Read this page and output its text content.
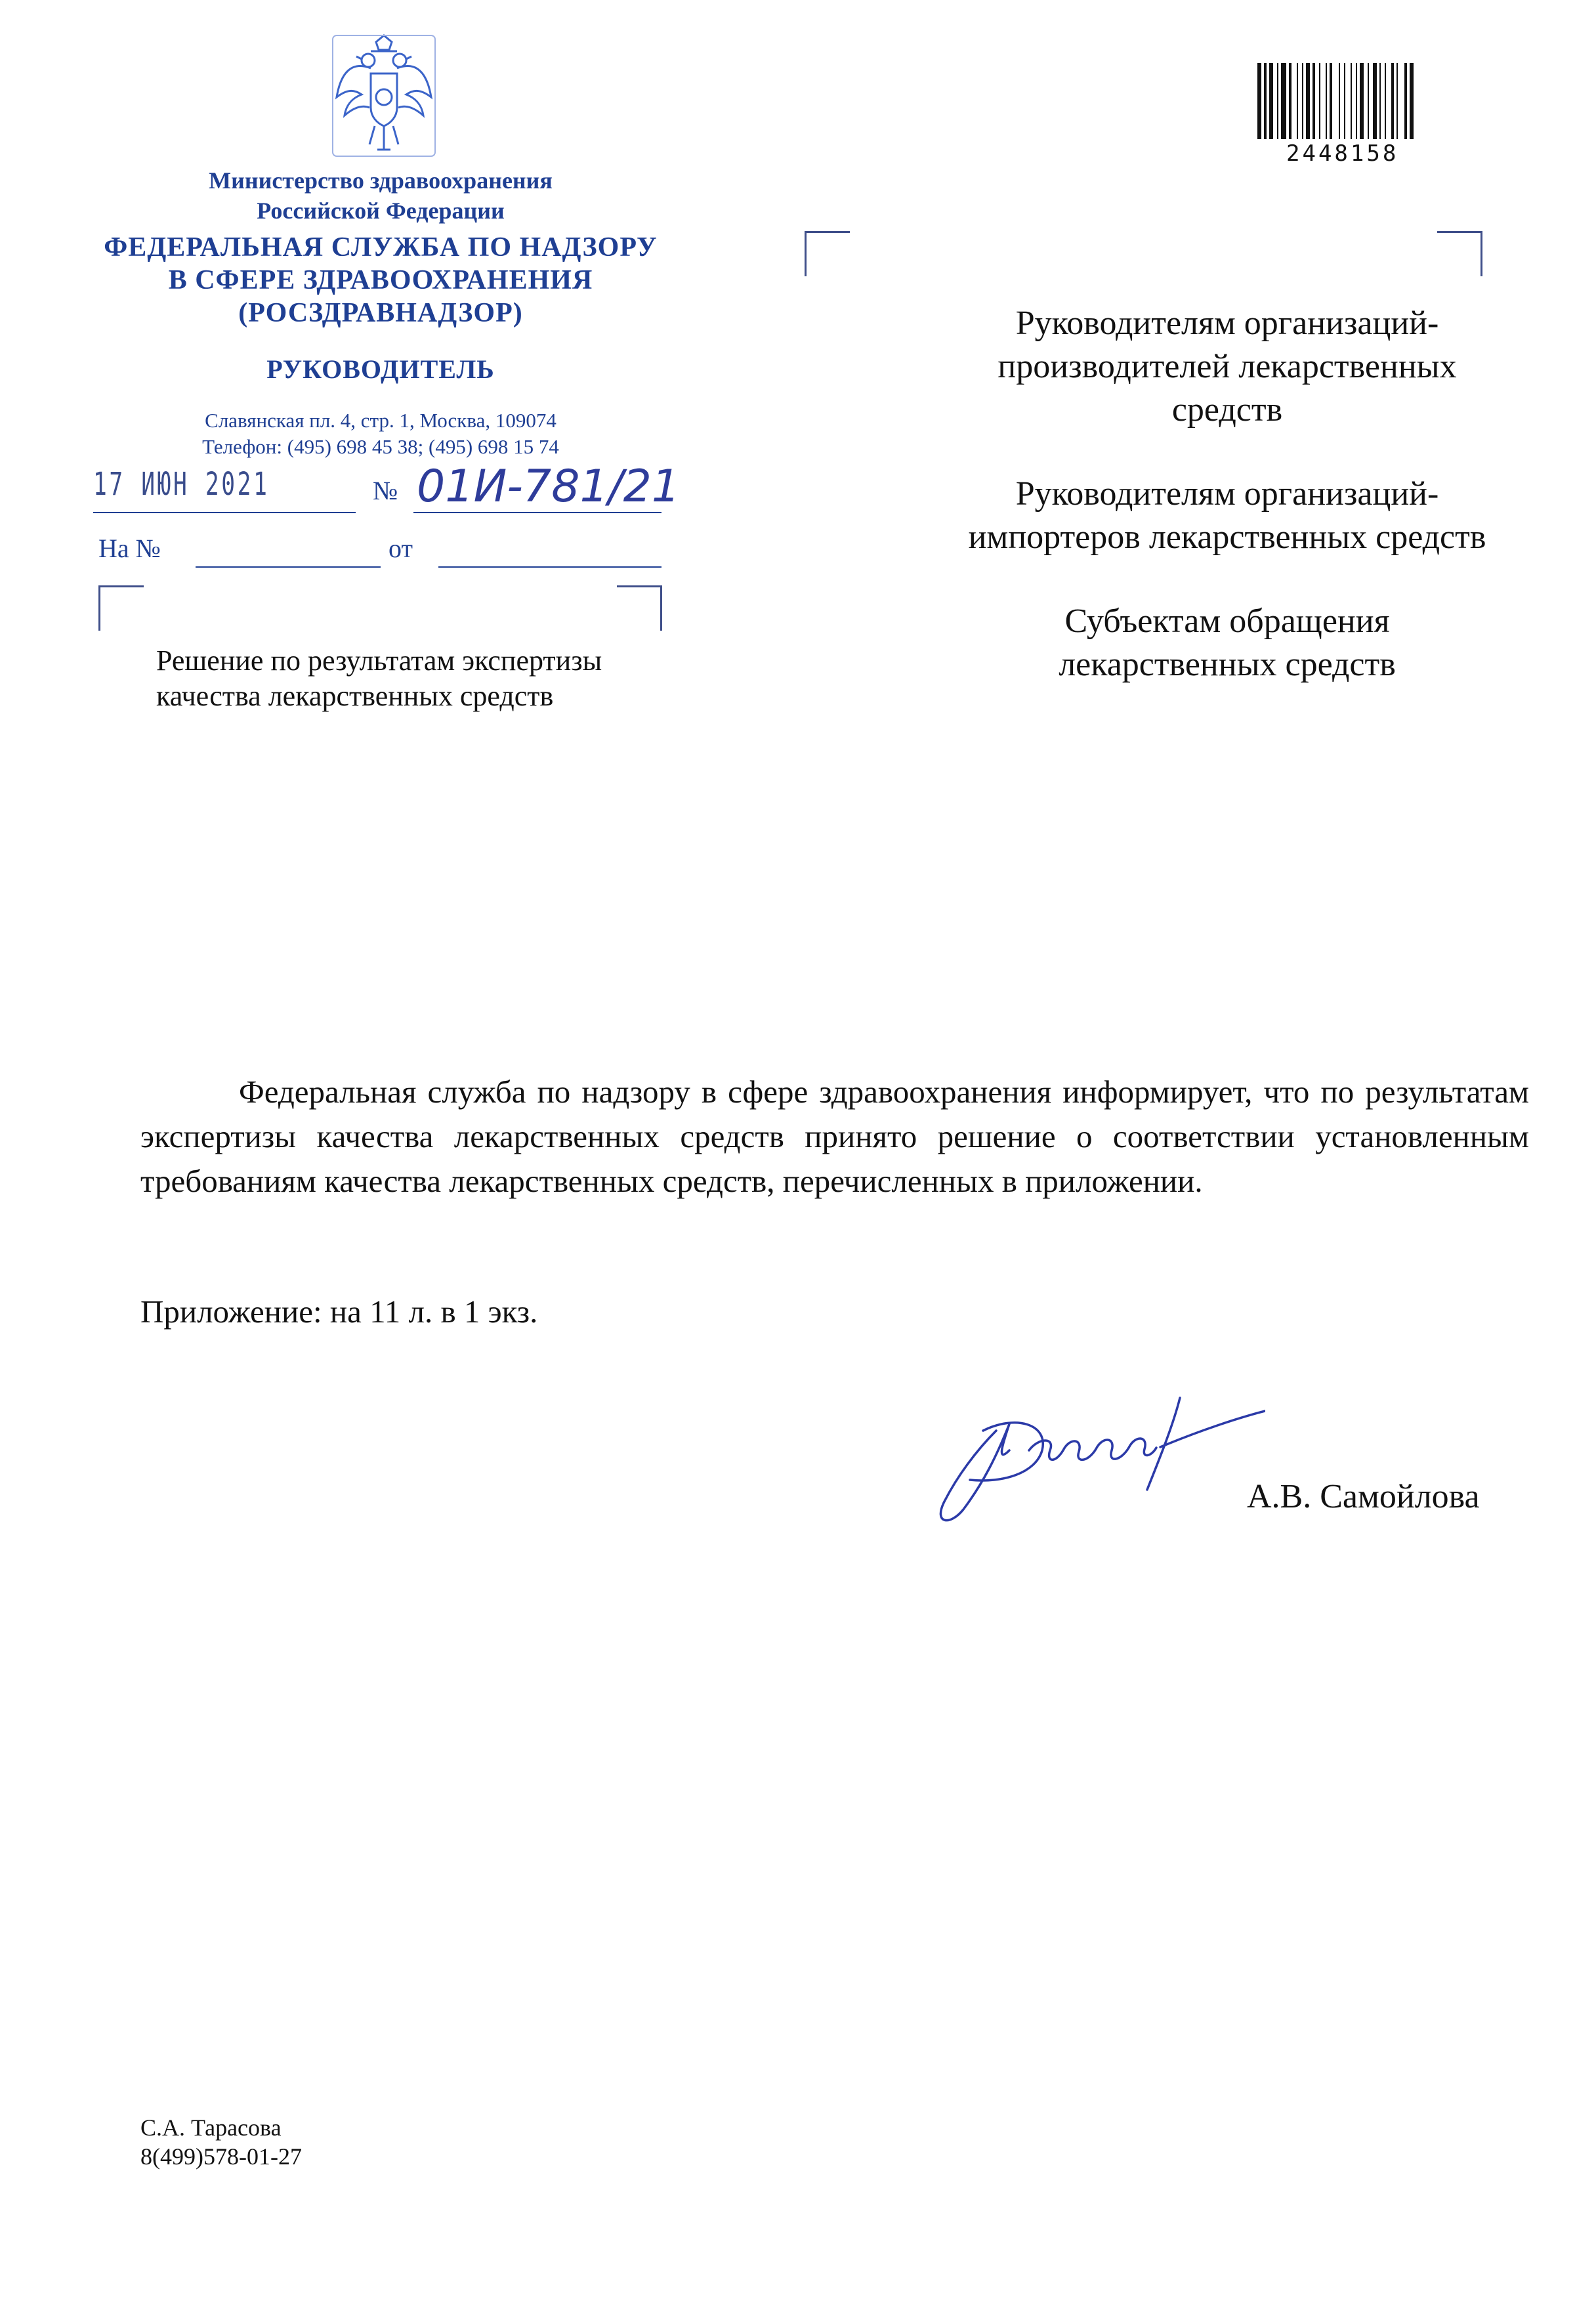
Министерство здравоохранения
Российской Федерации
ФЕДЕРАЛЬНАЯ СЛУЖБА ПО НАДЗОРУ
В СФЕРЕ ЗДРАВООХРАНЕНИЯ
(РОСЗДРАВНАДЗОР)
РУКОВОДИТЕЛЬ
Славянская пл. 4, стр. 1, Москва, 109074
Телефон: (495) 698 45 38; (495) 698 15 74
17 ИЮН 2021	№ 01И-781/21
На №	от
Решение по результатам экспертизы
качества лекарственных средств
2448158
Руководителям организаций-
производителей лекарственных
средств
Руководителям организаций-
импортеров лекарственных средств
Субъектам обращения
лекарственных средств
Федеральная служба по надзору в сфере здравоохранения информирует, что по результатам экспертизы качества лекарственных средств принято решение о соответствии установленным требованиям качества лекарственных средств, перечисленных в приложении.
Приложение: на 11 л. в 1 экз.
А.В. Самойлова
С.А. Тарасова
8(499)578-01-27
